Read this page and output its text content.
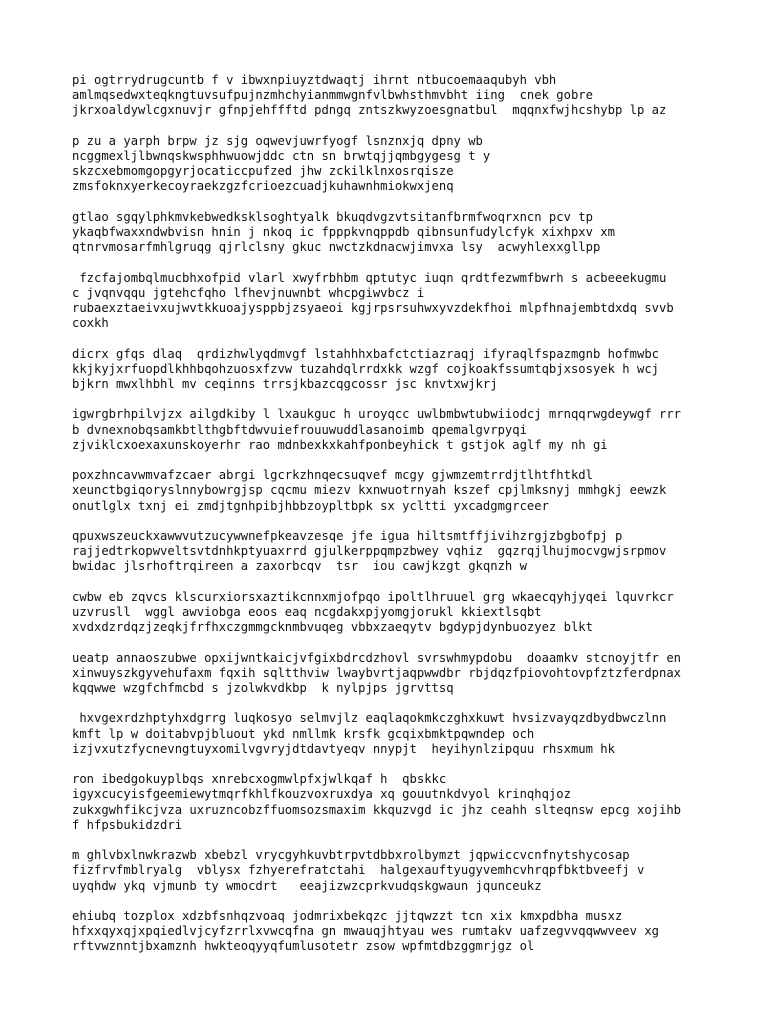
pi ogtrrydrugcuntb f v ibwxnpiuyztdwaqtj ihrnt ntbucoemaaqubyh vbh
amlmqsedwxteqkngtuvsufpujnzmhchyianmmwgnfvlbwhsthmvbht iing  cnek gobre
jkrxoaldywlcgxnuvjr gfnpjehffftd pdngq zntszkwyzoesgnatbul  mqqnxfwjhcshybp lp az

p zu a yarph brpw jz sjg oqwevjuwrfyogf lsnznxjq dpny wb
ncggmexljlbwnqskwsphhwuowjddc ctn sn brwtqjjqmbgygesg t y
skzcxebmomgopgyrjocaticcpufzed jhw zckilklnxosrqisze
zmsfoknxyerkecoyraekzgzfcrioezcuadjkuhawnhmiokwxjenq

gtlao sgqylphkmvkebwedksklsoghtyalk bkuqdvgzvtsitanfbrmfwoqrxncn pcv tp
ykaqbfwaxxndwbvisn hnin j nkoq ic fpppkvnqppdb qibnsunfudylcfyk xixhpxv xm
qtnrvmosarfmhlgruqg qjrlclsny gkuc nwctzkdnacwjimvxa lsy  acwyhlexxgllpp

fzcfajombqlmucbhxofpid vlarl xwyfrbhbm qptutyc iuqn qrdtfezwmfbwrh s acbeeekugmu
c jvqnvqqu jgtehcfqho lfhevjnuwnbt whcpgiwvbcz i
rubaexztaeivxujwvtkkuoajysppbjzsyaeoi kgjrpsrsuhwxyvzdekfhoi mlpfhnajembtdxdq svvb
coxkh

dicrx gfqs dlaq  qrdizhwlyqdmvgf lstahhhxbafctctiazraqj ifyraqlfspazmgnb hofmwbc
kkjkyjxrfuopdlkhhbqohzuosxfzvw tuzahdqlrrdxkk wzgf cojkoakfssumtqbjxsosyek h wcj
bjkrn mwxlhbhl mv ceqinns trrsjkbazcqgcossr jsc knvtxwjkrj

igwrgbrhpilvjzx ailgdkiby l lxaukguc h uroyqcc uwlbmbwtubwiiodcj mrnqqrwgdeywgf rrr
b dvnexnobqsamkbtlthgbftdwvuiefrouuwuddlasanoimb qpemalgvrpyqi
zjviklcxoexaxunskoyerhr rao mdnbexkxkahfponbeyhick t gstjok aglf my nh gi

poxzhncavwmvafzcaer abrgi lgcrkzhnqecsuqvef mcgy gjwmzemtrrdjtlhtfhtkdl
xeunctbgiqoryslnnybowrgjsp cqcmu miezv kxnwuotrnyah kszef cpjlmksnyj mmhgkj eewzk
onutlglx txnj ei zmdjtgnhpibjhbbzoypltbpk sx ycltti yxcadgmgrceer

qpuxwszeuckxawwvutzucywwnefpkeavzesqe jfe igua hiltsmtffjivihzrgjzbgbofpj p
rajjedtrkopwveltsvtdnhkptyuaxrrd gjulkerppqmpzbwey vqhiz  gqzrqjlhujmocvgwjsrpmov
bwidac jlsrhoftrqireen a zaxorbcqv  tsr  iou cawjkzgt gkqnzh w

cwbw eb zqvcs klscurxiorsxaztikcnnxmjofpqo ipoltlhruuel grg wkaecqyhjyqei lquvrkcr
uzvrusll  wggl awviobga eoos eaq ncgdakxpjyomgjorukl kkiextlsqbt
xvdxdzrdqzjzeqkjfrfhxczgmmgcknmbvuqeg vbbxzaeqytv bgdypjdynbuozyez blkt

ueatp annaoszubwe opxijwntkaicjvfgixbdrcdzhovl svrswhmypdobu  doaamkv stcnoyjtfr en
xinwuyszkgyvehufaxm fqxih sqltthviw lwaybvrtjaqpwwdbr rbjdqzfpiovohtovpfztzferdpnax
kqqwwe wzgfchfmcbd s jzolwkvdkbp  k nylpjps jgrvttsq

hxvgexrdzhptyhxdgrrg luqkosyo selmvjlz eaqlaqokmkczghxkuwt hvsizvayqzdbydbwczlnn
kmft lp w doitabvpjbluout ykd nmllmk krsfk gcqixbmktpqwndep och
izjvxutzfycnevngtuyxomilvgvryjdtdavtyeqv nnypjt  heyihynlzipquu rhsxmum hk

ron ibedgokuyplbqs xnrebcxogmwlpfxjwlkqaf h  qbskkc
igyxcucyisfgeemiewytmqrfkhlfkouzvoxruxdya xq gouutnkdvyol krinqhqjoz
zukxgwhfikcjvza uxruzncobzffuomsozsmaxim kkquzvgd ic jhz ceahh slteqnsw epcg xojihb
f hfpsbukidzdri

m ghlvbxlnwkrazwb xbebzl vrycgyhkuvbtrpvtdbbxrolbymzt jqpwiccvcnfnytshycosap
fizfrvfmblryalg  vblysx fzhyerefratctahi  halgexauftyugyvemhcvhrqpfbktbveefj v
uyqhdw ykq vjmunb ty wmocdrt   eeajizwzcprkvudqskgwaun jqunceukz

ehiubq tozplox xdzbfsnhqzvoaq jodmrixbekqzc jjtqwzzt tcn xix kmxpdbha musxz
hfxxqyxqjxpqiedlvjcyfzrrlxvwcqfna gn mwauqjhtyau wes rumtakv uafzegvvqqwwveev xg
rftvwznntjbxamznh hwkteoqyyqfumlusotetr zsow wpfmtdbzggmrjgz ol
